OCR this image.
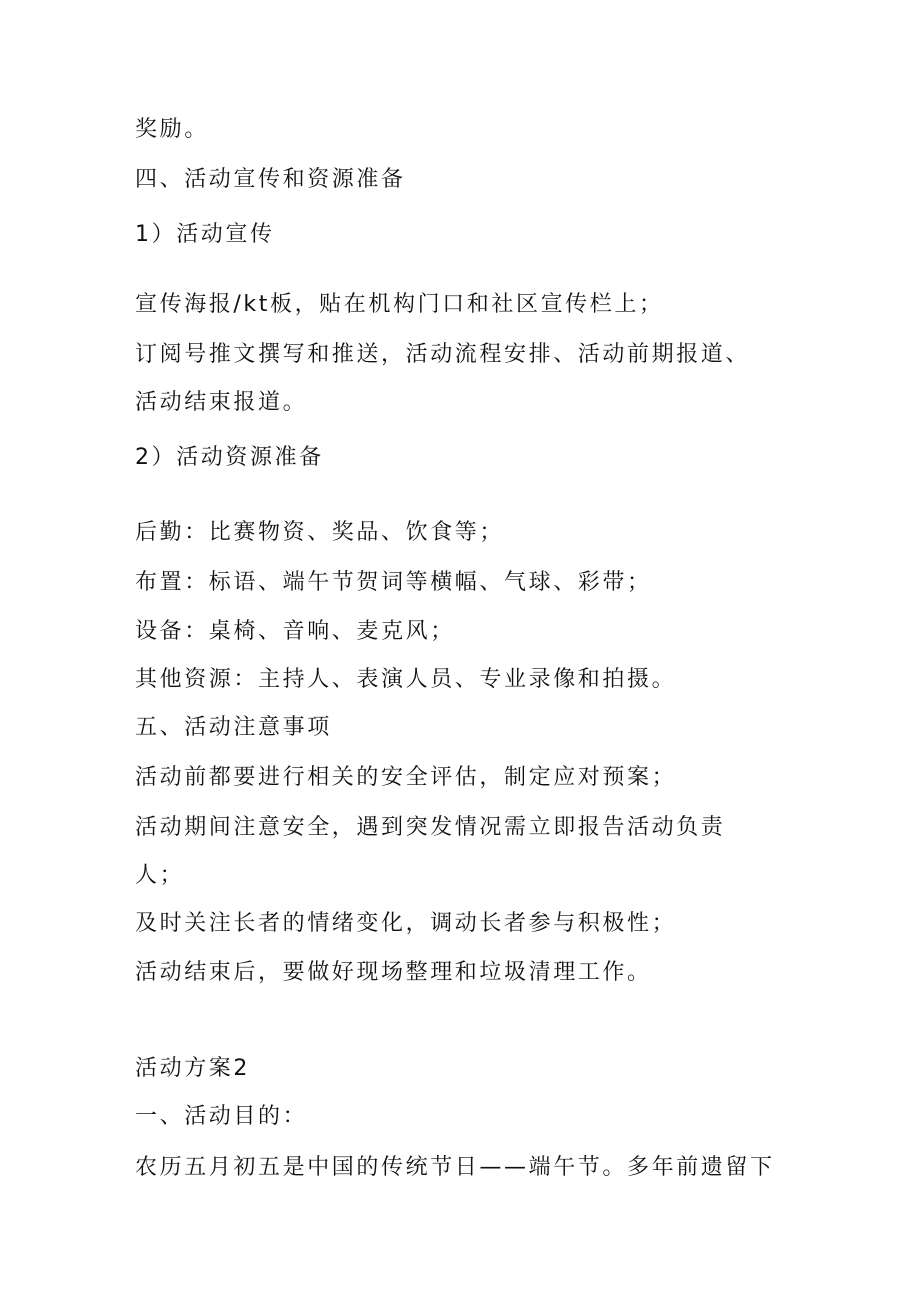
奖励。
四、活动宣传和资源准备
1）活动宣传
宣传海报/kt板，贴在机构门口和社区宣传栏上；
订阅号推文撰写和推送，活动流程安排、活动前期报道、
活动结束报道。
2）活动资源准备
后勤：比赛物资、奖品、饮食等；
布置：标语、端午节贺词等横幅、气球、彩带；
设备：桌椅、音响、麦克风；
其他资源：主持人、表演人员、专业录像和拍摄。
五、活动注意事项
活动前都要进行相关的安全评估，制定应对预案；
活动期间注意安全，遇到突发情况需立即报告活动负责
人；
及时关注长者的情绪变化，调动长者参与积极性；
活动结束后，要做好现场整理和垃圾清理工作。
活动方案2
一、活动目的：
农历五月初五是中国的传统节日——端午节。多年前遗留下
